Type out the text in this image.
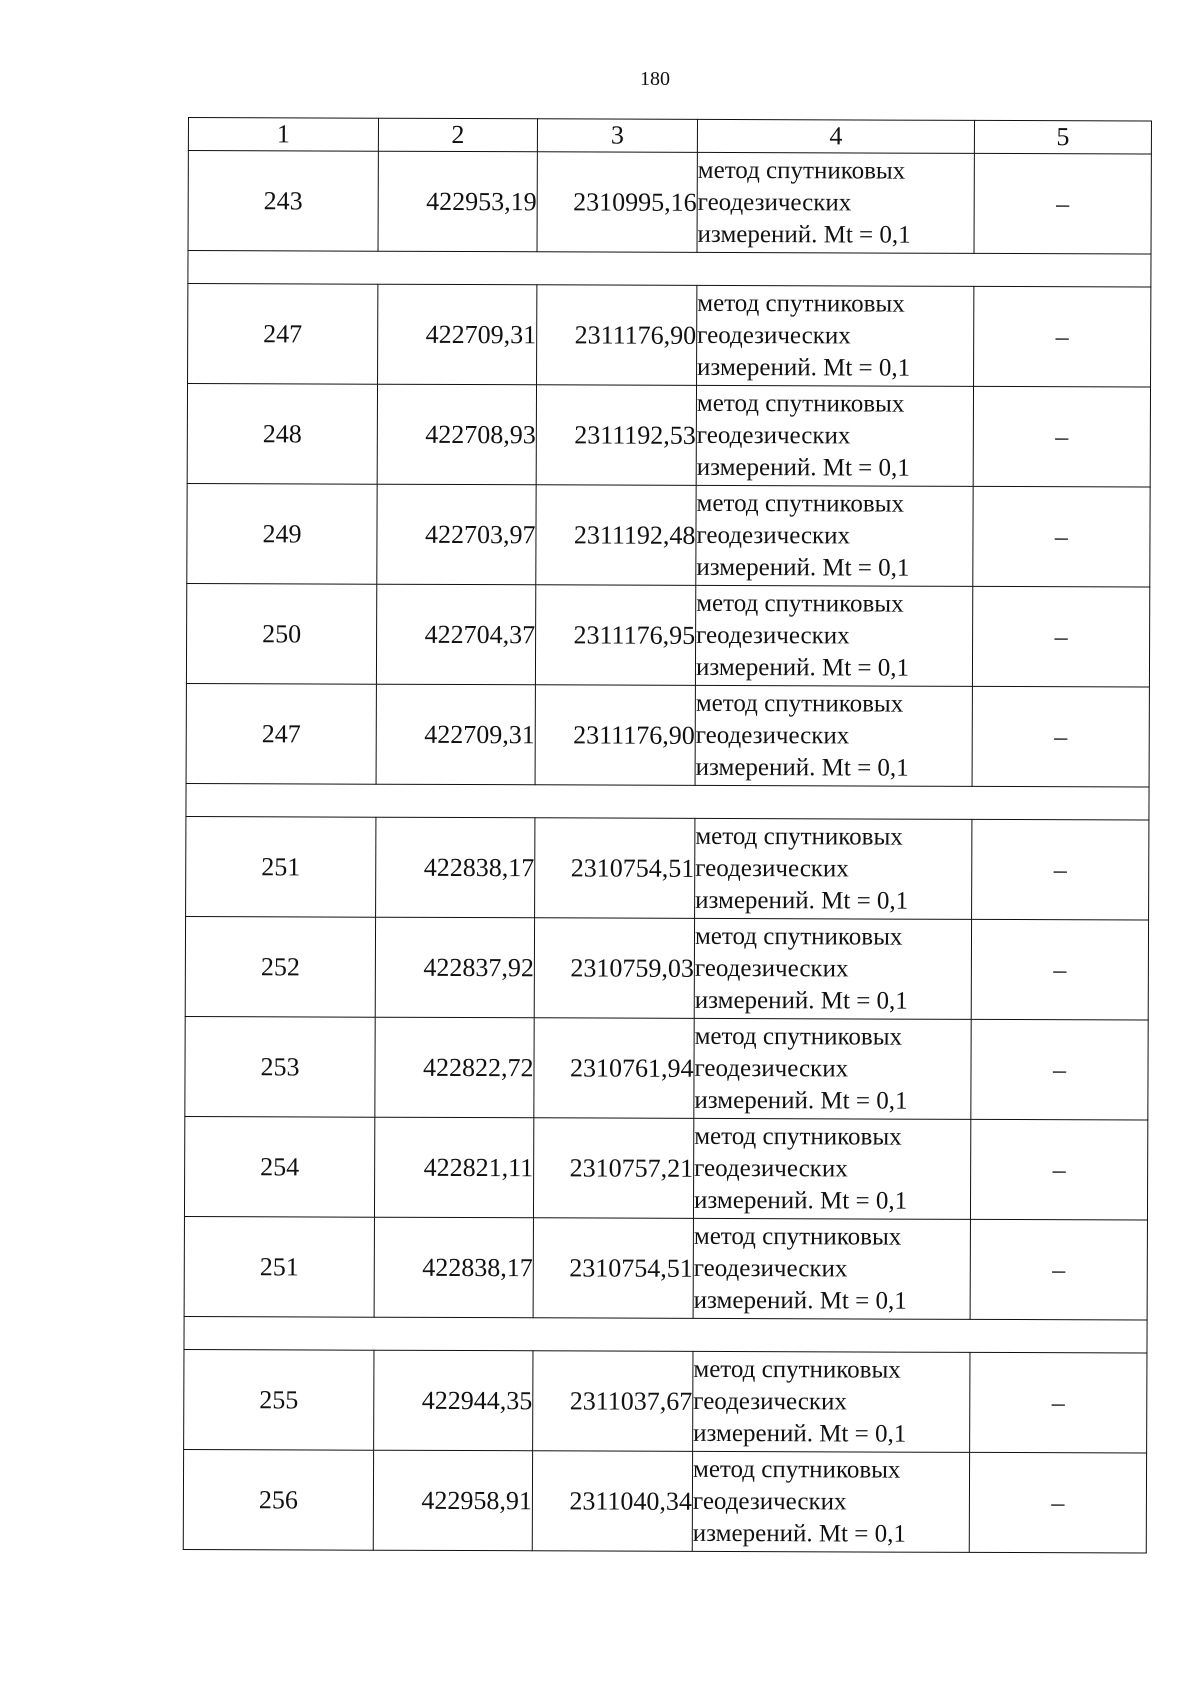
180
1	2	3	4	5
243	422953,19	2310995,16	метод спутниковых
геодезических
измерений. Mt = 0,1	–

247	422709,31	2311176,90	метод спутниковых
геодезических
измерений. Mt = 0,1	–
248	422708,93	2311192,53	метод спутниковых
геодезических
измерений. Mt = 0,1	–
249	422703,97	2311192,48	метод спутниковых
геодезических
измерений. Mt = 0,1	–
250	422704,37	2311176,95	метод спутниковых
геодезических
измерений. Mt = 0,1	–
247	422709,31	2311176,90	метод спутниковых
геодезических
измерений. Mt = 0,1	–

251	422838,17	2310754,51	метод спутниковых
геодезических
измерений. Mt = 0,1	–
252	422837,92	2310759,03	метод спутниковых
геодезических
измерений. Mt = 0,1	–
253	422822,72	2310761,94	метод спутниковых
геодезических
измерений. Mt = 0,1	–
254	422821,11	2310757,21	метод спутниковых
геодезических
измерений. Mt = 0,1	–
251	422838,17	2310754,51	метод спутниковых
геодезических
измерений. Mt = 0,1	–

255	422944,35	2311037,67	метод спутниковых
геодезических
измерений. Mt = 0,1	–
256	422958,91	2311040,34	метод спутниковых
геодезических
измерений. Mt = 0,1	–
